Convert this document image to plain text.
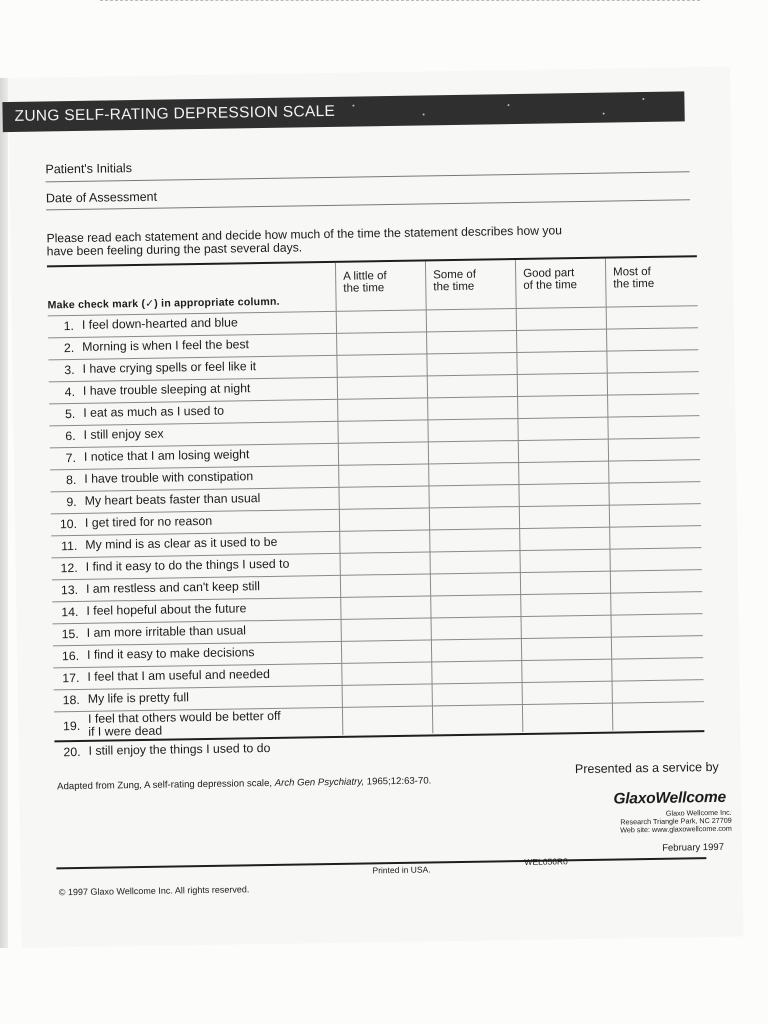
ZUNG SELF-RATING DEPRESSION SCALE
Patient's Initials
Date of Assessment
Please read each statement and decide how much of the time the statement describes how you have been feeling during the past several days.
A little of
the time
Some of
the time
Good part
of the time
Most of
the time
Make check mark (✓) in appropriate column.
1. I feel down-hearted and blue
2. Morning is when I feel the best
3. I have crying spells or feel like it
4. I have trouble sleeping at night
5. I eat as much as I used to
6. I still enjoy sex
7. I notice that I am losing weight
8. I have trouble with constipation
9. My heart beats faster than usual
10. I get tired for no reason
11. My mind is as clear as it used to be
12. I find it easy to do the things I used to
13. I am restless and can't keep still
14. I feel hopeful about the future
15. I am more irritable than usual
16. I find it easy to make decisions
17. I feel that I am useful and needed
18. My life is pretty full
19.
I feel that others would be better off
if I were dead
20. I still enjoy the things I used to do
Adapted from Zung, A self-rating depression scale, Arch Gen Psychiatry, 1965;12:63-70.
Presented as a service by
GlaxoWellcome
Glaxo Wellcome Inc.
Research Triangle Park, NC 27709
Web site: www.glaxowellcome.com
February 1997
WEL056R0
Printed in USA.
© 1997 Glaxo Wellcome Inc. All rights reserved.
